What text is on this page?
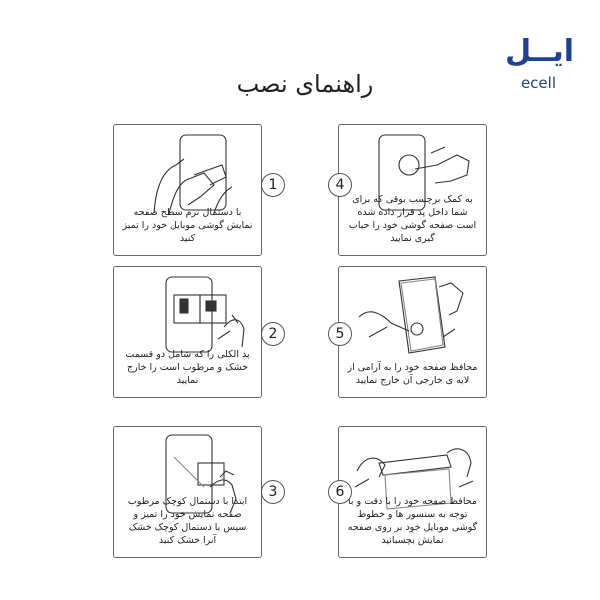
ایــل
ecell
راهنمای نصب
با دستمال نرم سطح صفحه نمایش گوشی موبایل خود را تمیز کنید
1
پد الکلی را که شامل دو قسمت خشک و مرطوب است را خارج نمایید
2
ابتدا با دستمال کوچک مرطوب صفحه نمایش خود را تمیز و سپس با دستمال کوچک خشک آنرا خشک کنید
3
به کمک برچسب بوقی که برای شما داخل پد قرار داده شده است صفحه گوشی خود را حباب گیری نمایید
4
محافظ صفحه خود را به آرامی از لایه ی خارجی آن خارج نمایید
5
محافظ صفحه خود را با دقت و با توجه به سنسور ها و خطوط گوشی موبایل خود بر روی صفحه نمایش بچسبانید
6
